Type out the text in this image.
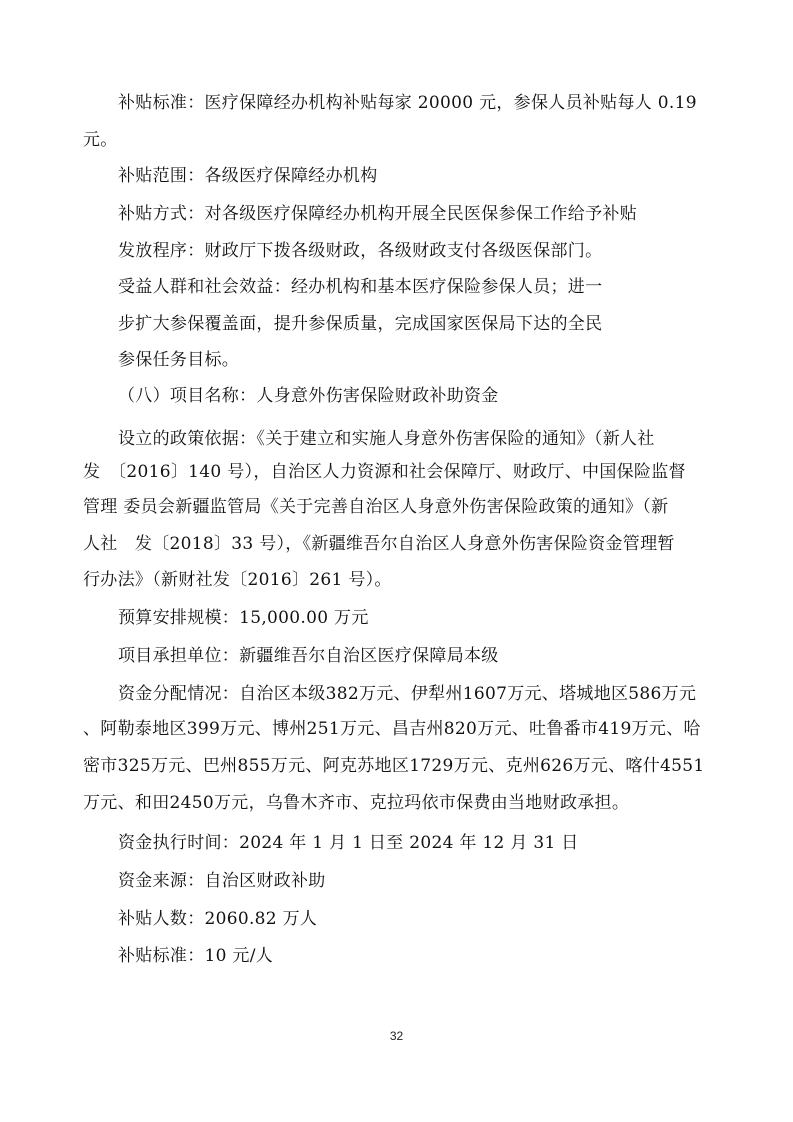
补贴标准：医疗保障经办机构补贴每家 20000 元，参保人员补贴每人 0.19
元。
补贴范围：各级医疗保障经办机构
补贴方式：对各级医疗保障经办机构开展全民医保参保工作给予补贴
发放程序：财政厅下拨各级财政，各级财政支付各级医保部门。
受益人群和社会效益：经办机构和基本医疗保险参保人员；进一
步扩大参保覆盖面，提升参保质量，完成国家医保局下达的全民
参保任务目标。
（八）项目名称：人身意外伤害保险财政补助资金
设立的政策依据：《关于建立和实施人身意外伤害保险的通知》（新人社
发　〔2016〕140 号），自治区人力资源和社会保障厅、财政厅、中国保险监督
管理 委员会新疆监管局《关于完善自治区人身意外伤害保险政策的通知》（新
人社　发〔2018〕33 号），《新疆维吾尔自治区人身意外伤害保险资金管理暂
行办法》（新财社发〔2016〕261 号）。
预算安排规模：15,000.00 万元
项目承担单位：新疆维吾尔自治区医疗保障局本级
资金分配情况：自治区本级382万元、伊犁州1607万元、塔城地区586万元
、阿勒泰地区399万元、博州251万元、昌吉州820万元、吐鲁番市419万元、哈
密市325万元、巴州855万元、阿克苏地区1729万元、克州626万元、喀什4551
万元、和田2450万元，乌鲁木齐市、克拉玛依市保费由当地财政承担。
资金执行时间：2024 年 1 月 1 日至 2024 年 12 月 31 日
资金来源：自治区财政补助
补贴人数：2060.82 万人
补贴标准：10 元/人
32
